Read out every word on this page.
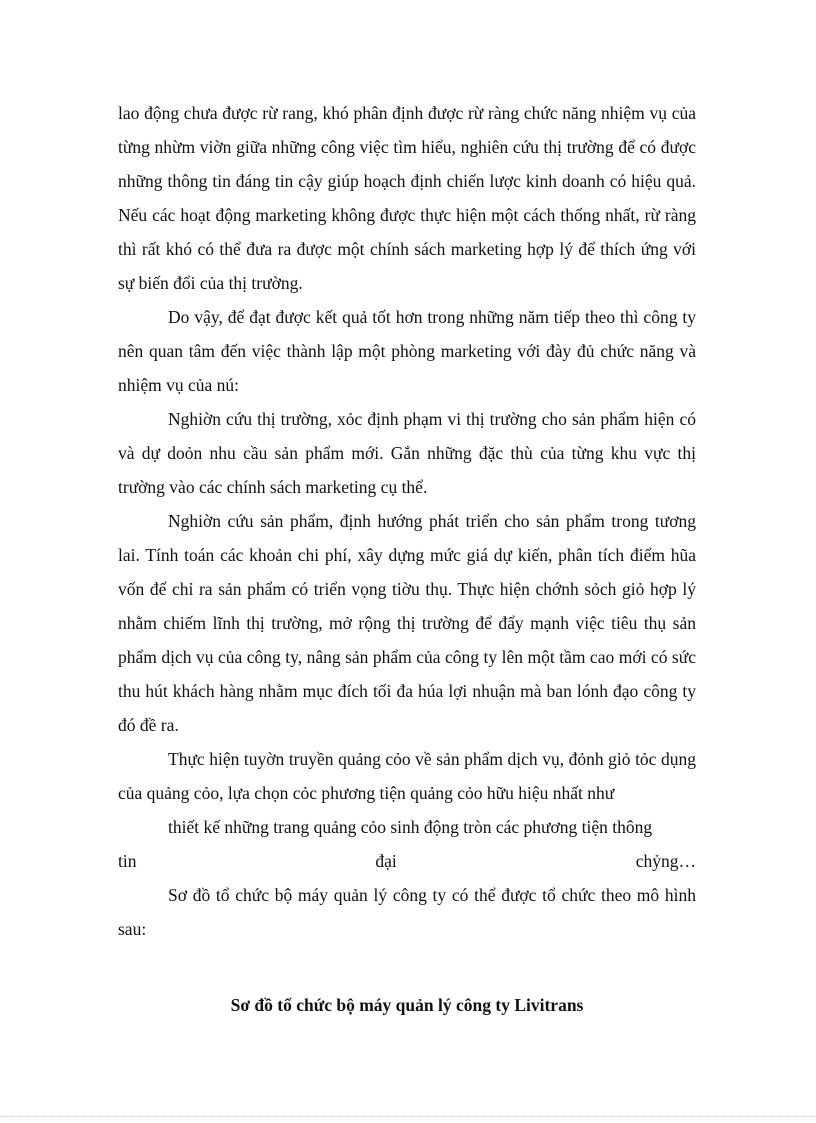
lao động chưa được rừ rang, khó phân định được rừ ràng chức năng nhiệm vụ của từng nhừm viờn giữa những công việc tìm hiểu, nghiên cứu thị trường để có được những thông tin đáng tin cậy giúp hoạch định chiến lược kinh doanh có hiệu quả. Nếu các hoạt động marketing không được thực hiện một cách thống nhất, rừ ràng thì rất khó có thể đưa ra được một chính sách marketing hợp lý để thích ứng với sự biến đổi của thị trường.

Do vậy, để đạt được kết quả tốt hơn trong những năm tiếp theo thì công ty nên quan tâm đến việc thành lập một phòng marketing với đày đủ chức năng và nhiệm vụ của nú:

Nghiờn cứu thị trường, xỏc định phạm vi thị trường cho sản phẩm hiện có và dự doỏn nhu cầu sản phẩm mới. Gắn những đặc thù của từng khu vực thị trường vào các chính sách marketing cụ thể.

Nghiờn cứu sản phẩm, định hướng phát triển cho sản phẩm trong tương lai. Tính toán các khoản chi phí, xây dựng mức giá dự kiến, phân tích điểm hũa vốn để chỉ ra sản phẩm có triển vọng tiờu thụ. Thực hiện chớnh sỏch giỏ hợp lý nhằm chiếm lĩnh thị trường, mở rộng thị trường để đẩy mạnh việc tiêu thụ sản phẩm dịch vụ của công ty, nâng sản phẩm của công ty lên một tầm cao mới có sức thu hút khách hàng nhằm mục đích tối đa húa lợi nhuận mà ban lónh đạo công ty đó đề ra.

Thực hiện tuyờn truyền quảng cỏo về sản phẩm dịch vụ, đỏnh giỏ tỏc dụng của quảng cỏo, lựa chọn cỏc phương tiện quảng cỏo hữu hiệu nhất như

thiết kế những trang quảng cỏo sinh động tròn các phương tiện thông
tin	đại	chỷng…

Sơ đồ tổ chức bộ máy quản lý công ty có thể được tổ chức theo mô hình sau:

Sơ đồ tổ chức bộ máy quản lý công ty Livitrans
